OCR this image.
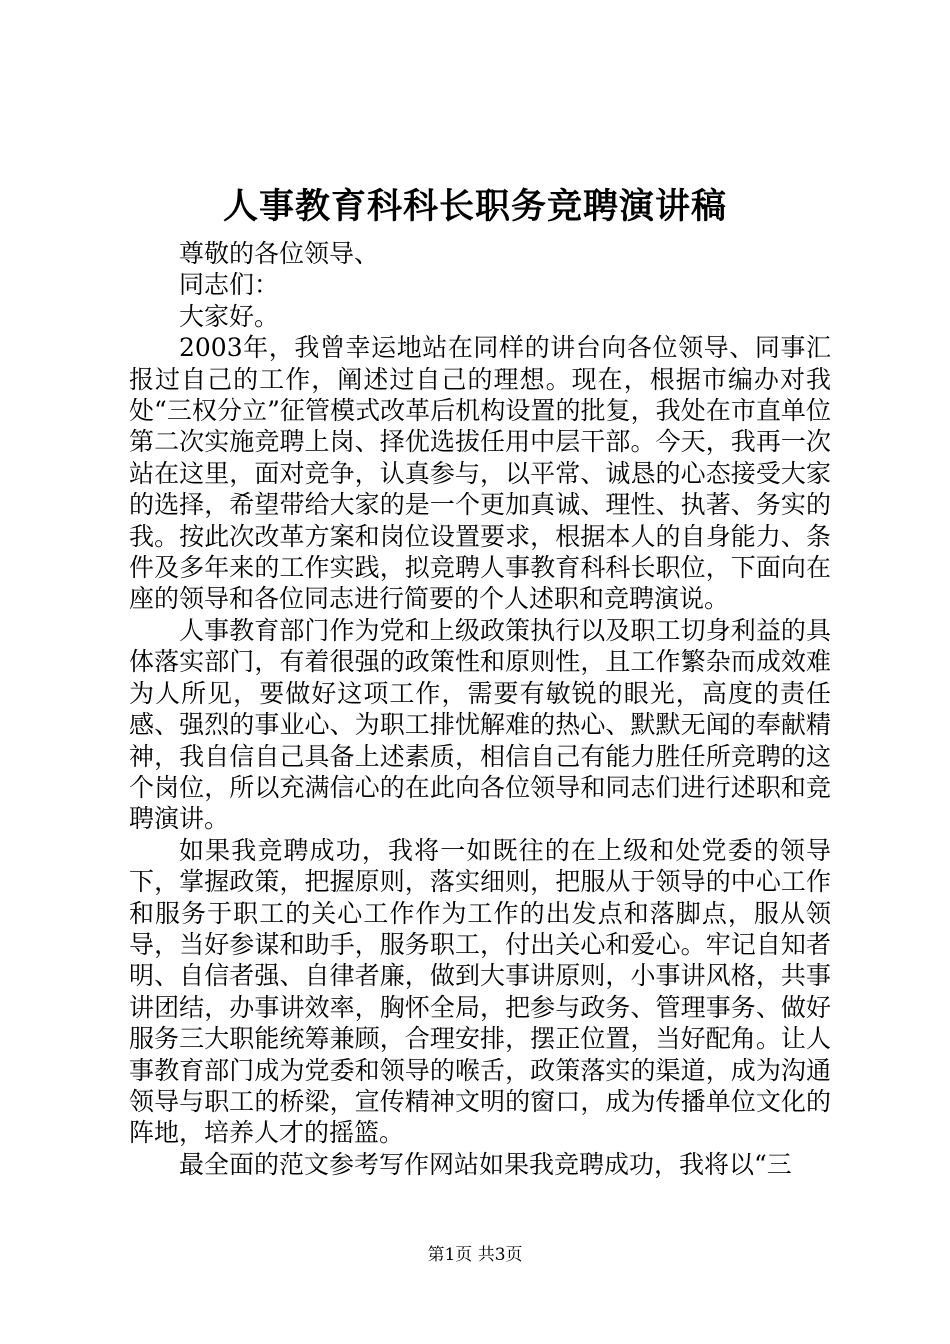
人事教育科科长职务竞聘演讲稿

尊敬的各位领导、

同志们：

大家好。

2003年，我曾幸运地站在同样的讲台向各位领导、同事汇报过自己的工作，阐述过自己的理想。现在，根据市编办对我处“三权分立”征管模式改革后机构设置的批复，我处在市直单位第二次实施竞聘上岗、择优选拔任用中层干部。今天，我再一次站在这里，面对竞争，认真参与，以平常、诚恳的心态接受大家的选择，希望带给大家的是一个更加真诚、理性、执著、务实的我。按此次改革方案和岗位设置要求，根据本人的自身能力、条件及多年来的工作实践，拟竞聘人事教育科科长职位，下面向在座的领导和各位同志进行简要的个人述职和竞聘演说。

人事教育部门作为党和上级政策执行以及职工切身利益的具体落实部门，有着很强的政策性和原则性，且工作繁杂而成效难为人所见，要做好这项工作，需要有敏锐的眼光，高度的责任感、强烈的事业心、为职工排忧解难的热心、默默无闻的奉献精神，我自信自己具备上述素质，相信自己有能力胜任所竞聘的这个岗位，所以充满信心的在此向各位领导和同志们进行述职和竞聘演讲。

如果我竞聘成功，我将一如既往的在上级和处党委的领导下，掌握政策，把握原则，落实细则，把服从于领导的中心工作和服务于职工的关心工作作为工作的出发点和落脚点，服从领导，当好参谋和助手，服务职工，付出关心和爱心。牢记自知者明、自信者强、自律者廉，做到大事讲原则，小事讲风格，共事讲团结，办事讲效率，胸怀全局，把参与政务、管理事务、做好服务三大职能统筹兼顾，合理安排，摆正位置，当好配角。让人事教育部门成为党委和领导的喉舌，政策落实的渠道，成为沟通领导与职工的桥梁，宣传精神文明的窗口，成为传播单位文化的阵地，培养人才的摇篮。

最全面的范文参考写作网站如果我竞聘成功，我将以“三

第1页 共3页
